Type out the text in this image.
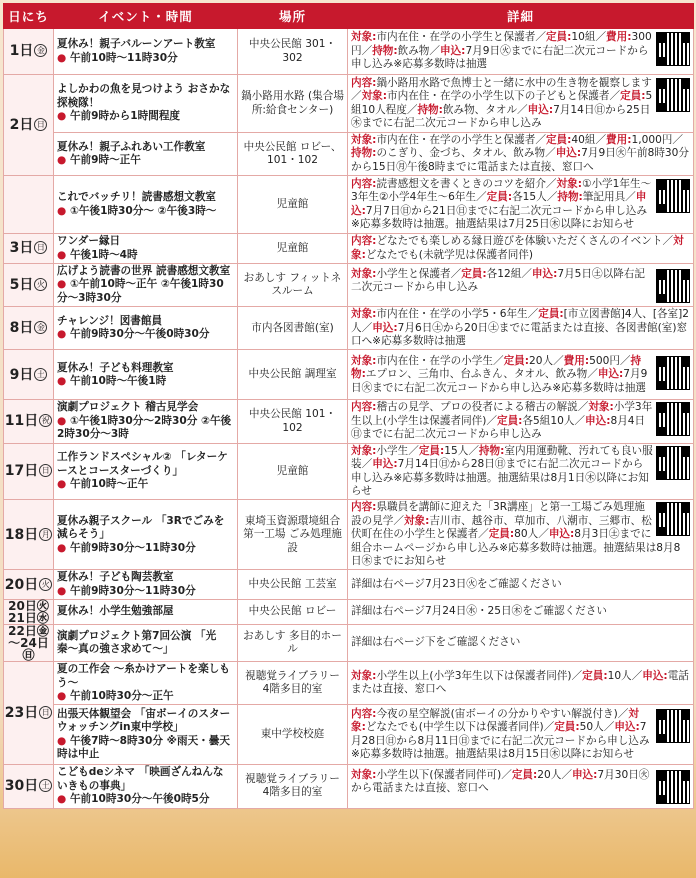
日にち	イベント・時間	場所	詳細
1日 金	夏休み！親子バルーンアート教室
● 午前10時〜11時30分	中央公民館 301・302	対象:市内在住・在学の小学生と保護者／定員:10組／費用:300円／持物:飲み物／申込:7月9日㊋までに右記二次元コードから申し込み※応募多数時は抽選
2日 日	よしかわの魚を見つけよう おさかな探検隊！
● 午前9時から1時間程度	鍋小路用水路 (集合場所:給食センター)	内容:鍋小路用水路で魚博士と一緒に水中の生き物を観察します／対象:市内在住・在学の小学生以下の子どもと保護者／定員:5組10人程度／持物:飲み物、タオル／申込:7月14日㊐から25日㊍までに右記二次元コードから申し込み

	夏休み！親子ふれあい工作教室
● 午前9時〜正午	中央公民館 ロビー、101・102	対象:市内在住・在学の小学生と保護者／定員:40組／費用:1,000円／持物:のこぎり、金づち、タオル、飲み物／申込:7月9日㊋午前8時30分から15日㊊午後8時までに電話または直接、窓口へ

	これでバッチリ！読書感想文教室
● ①午後1時30分〜 ②午後3時〜	児童館	内容:読書感想文を書くときのコツを紹介／対象:①小学1年生〜3年生②小学4年生〜6年生／定員:各15人／持物:筆記用具／申込:7月7日㊐から21日㊐までに右記二次元コードから申し込み※応募多数時は抽選。抽選結果は7月25日㊍以降にお知らせ
3日 日	ワンダー縁日
● 午後1時〜4時	児童館	内容:どなたでも楽しめる縁日遊びを体験いただくさんのイベント／対象:どなたでも(未就学児は保護者同伴)
5日 火	広げよう読書の世界 読書感想文教室
● ①午前10時〜正午 ②午後1時30分〜3時30分	おあしす フィットネスルーム	対象:小学生と保護者／定員:各12組／申込:7月5日㊏以降右記二次元コードから申し込み
8日 金	チャレンジ！図書館員
● 午前9時30分〜午後0時30分	市内各図書館(室)	対象:市内在住・在学の小学5・6年生／定員:[市立図書館]4人、[各室]2人／申込:7月6日㊏から20日㊏までに電話または直接、各図書館(室)窓口へ※応募多数時は抽選
9日 土	夏休み！子ども料理教室
● 午前10時〜午後1時	中央公民館 調理室	対象:市内在住・在学の小学生／定員:20人／費用:500円／持物:エプロン、三角巾、台ふきん、タオル、飲み物／申込:7月9日㊋までに右記二次元コードから申し込み※応募多数時は抽選
11日 祝	演劇プロジェクト 稽古見学会
● ①午後1時30分〜2時30分 ②午後2時30分〜3時	中央公民館 101・102	内容:稽古の見学、プロの役者による稽古の解説／対象:小学3年生以上(小学生は保護者同伴)／定員:各5組10人／申込:8月4日㊐までに右記二次元コードから申し込み
17日 日	工作ランドスペシャル② 「レターケースとコースターづくり」
● 午前10時〜正午	児童館	対象:小学生／定員:15人／持物:室内用運動靴、汚れても良い服装／申込:7月14日㊐から28日㊐までに右記二次元コードから申し込み※応募多数時は抽選。抽選結果は8月1日㊍以降にお知らせ
18日 月	夏休み親子スクール 「3Rでごみを減らそう」
● 午前9時30分〜11時30分	東埼玉資源環境組合 第一工場 ごみ処理施設	内容:県職員を講師に迎えた「3R講座」と第一工場ごみ処理施設の見学／対象:吉川市、越谷市、草加市、八潮市、三郷市、松伏町在住の小学生と保護者／定員:80人／申込:8月3日㊏までに組合ホームページから申し込み※応募多数時は抽選。抽選結果は8月8日㊍までにお知らせ
20日 火	夏休み！子ども陶芸教室
● 午前9時30分〜11時30分	中央公民館 工芸室	詳細は右ページ7月23日㊋をご確認ください
20日㊋ 21日㊌	夏休み！小学生勉強部屋	中央公民館 ロビー	詳細は右ページ7月24日㊌・25日㊍をご確認ください
22日㊎ 〜24日㊐	演劇プロジェクト第7回公演 「光秦〜真の強さ求めて〜」	おあしす 多目的ホール	詳細は右ページ下をご確認ください
23日 日	夏の工作会 〜糸かけアートを楽しもう〜
● 午前10時30分〜正午	視聴覚ライブラリー 4階多目的室	対象:小学生以上(小学3年生以下は保護者同伴)／定員:10人／申込:電話または直接、窓口へ

	出張天体観望会 「宙ボーイのスター ウォッチングin東中学校」
● 午後7時〜8時30分 ※雨天・曇天時は中止	東中学校校庭	内容:今夜の星空解説(宙ボーイの分かりやすい解説付き)／対象:どなたでも(中学生以下は保護者同伴)／定員:50人／申込:7月28日㊐から8月11日㊐までに右記二次元コードから申し込み※応募多数時は抽選。抽選結果は8月15日㊍以降にお知らせ
30日 土	こどもdeシネマ 「映画ざんねんないきもの事典」
● 午前10時30分〜午後0時5分	視聴覚ライブラリー 4階多目的室	対象:小学生以下(保護者同伴可)／定員:20人／申込:7月30日㊋から電話または直接、窓口へ
